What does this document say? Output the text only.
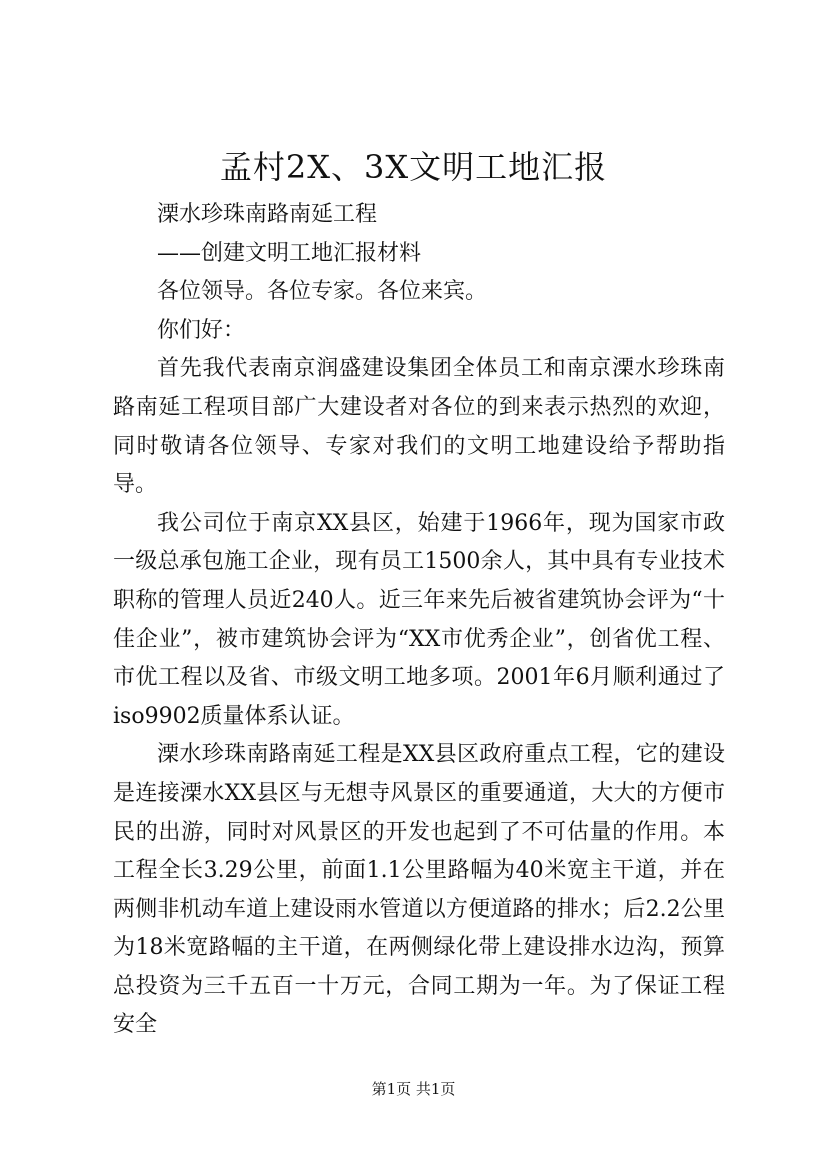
孟村2X、3X文明工地汇报

溧水珍珠南路南延工程

——创建文明工地汇报材料

各位领导。各位专家。各位来宾。

你们好：

首先我代表南京润盛建设集团全体员工和南京溧水珍珠南路南延工程项目部广大建设者对各位的到来表示热烈的欢迎，同时敬请各位领导、专家对我们的文明工地建设给予帮助指导。

我公司位于南京XX县区，始建于1966年，现为国家市政一级总承包施工企业，现有员工1500余人，其中具有专业技术职称的管理人员近240人。近三年来先后被省建筑协会评为“十佳企业”，被市建筑协会评为“XX市优秀企业”，创省优工程、市优工程以及省、市级文明工地多项。2001年6月顺利通过了iso9902质量体系认证。

溧水珍珠南路南延工程是XX县区政府重点工程，它的建设是连接溧水XX县区与无想寺风景区的重要通道，大大的方便市民的出游，同时对风景区的开发也起到了不可估量的作用。本工程全长3.29公里，前面1.1公里路幅为40米宽主干道，并在两侧非机动车道上建设雨水管道以方便道路的排水；后2.2公里为18米宽路幅的主干道，在两侧绿化带上建设排水边沟，预算总投资为三千五百一十万元，合同工期为一年。为了保证工程安全

第1页 共1页
